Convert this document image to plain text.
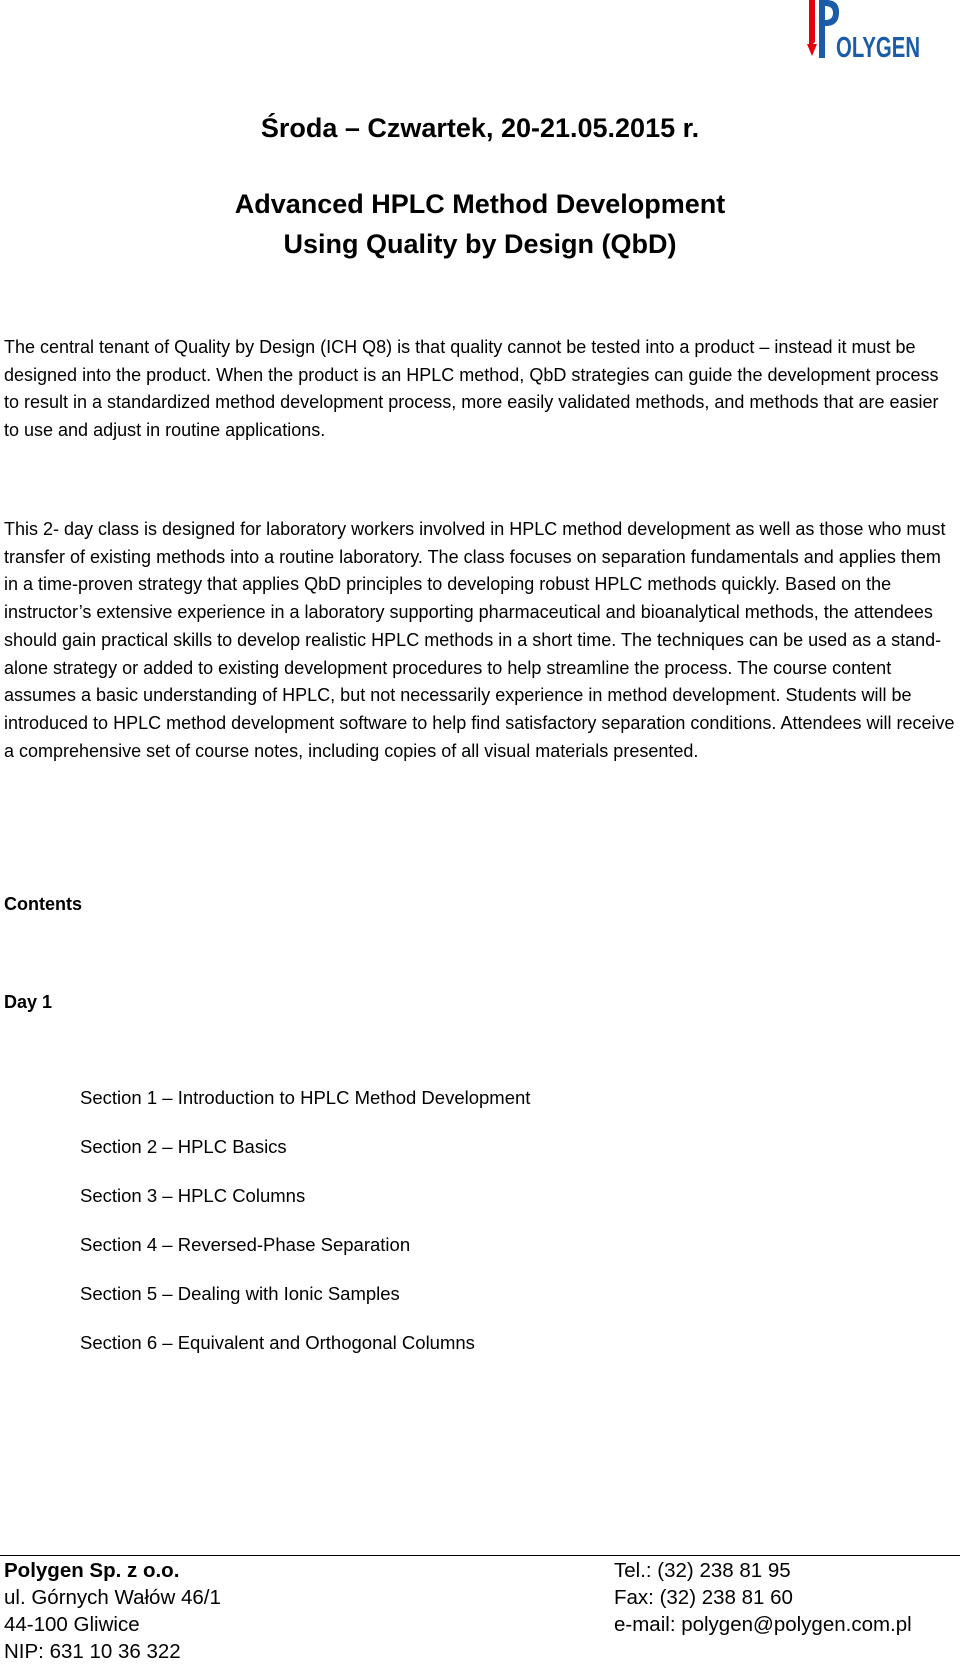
OLYGEN
Środa – Czwartek, 20-21.05.2015 r.
Advanced HPLC Method Development
Using Quality by Design (QbD)

The central tenant of Quality by Design (ICH Q8) is that quality cannot be tested into a product – instead it must be designed into the product. When the product is an HPLC method, QbD strategies can guide the development process to result in a standardized method development process, more easily validated methods, and methods that are easier to use and adjust in routine applications.

This 2- day class is designed for laboratory workers involved in HPLC method development as well as those who must transfer of existing methods into a routine laboratory. The class focuses on separation fundamentals and applies them in a time-proven strategy that applies QbD principles to developing robust HPLC methods quickly. Based on the instructor’s extensive experience in a laboratory supporting pharmaceutical and bioanalytical methods, the attendees should gain practical skills to develop realistic HPLC methods in a short time. The techniques can be used as a stand-alone strategy or added to existing development procedures to help streamline the process. The course content assumes a basic understanding of HPLC, but not necessarily experience in method development. Students will be introduced to HPLC method development software to help find satisfactory separation conditions. Attendees will receive a comprehensive set of course notes, including copies of all visual materials presented.

Contents
Day 1
Section 1 – Introduction to HPLC Method Development
Section 2 – HPLC Basics
Section 3 – HPLC Columns
Section 4 – Reversed-Phase Separation
Section 5 – Dealing with Ionic Samples
Section 6 – Equivalent and Orthogonal Columns
Polygen Sp. z o.o.
ul. Górnych Wałów 46/1
44-100 Gliwice
NIP: 631 10 36 322
Tel.: (32) 238 81 95
Fax: (32) 238 81 60
e-mail: polygen@polygen.com.pl
